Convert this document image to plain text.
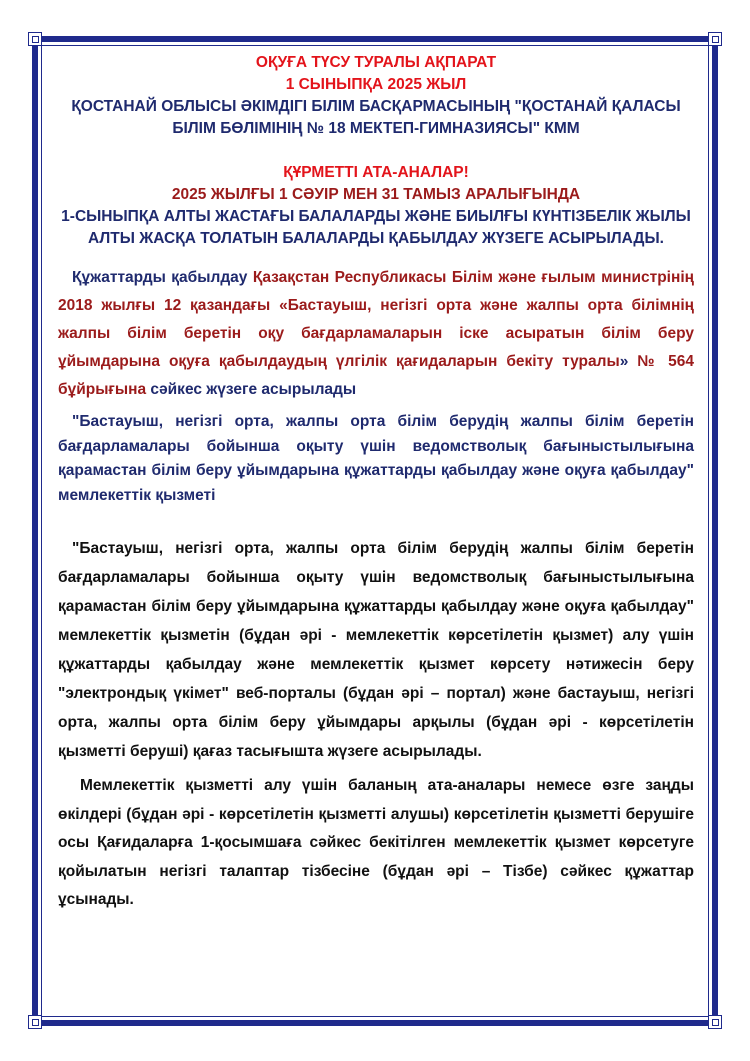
ОҚУҒА ТҮСУ ТУРАЛЫ АҚПАРАТ

1 СЫНЫПҚА 2025 ЖЫЛ

ҚОСТАНАЙ ОБЛЫСЫ ӘКІМДІГІ БІЛІМ БАСҚАРМАСЫНЫҢ "ҚОСТАНАЙ ҚАЛАСЫ БІЛІМ БӨЛІМІНІҢ № 18 МЕКТЕП-ГИМНАЗИЯСЫ" КММ

ҚҰРМЕТТІ АТА-АНАЛАР!

2025 ЖЫЛҒЫ 1 СӘУІР МЕН 31 ТАМЫЗ АРАЛЫҒЫНДА

1-СЫНЫПҚА АЛТЫ ЖАСТАҒЫ БАЛАЛАРДЫ ЖӘНЕ БИЫЛҒЫ КҮНТІЗБЕЛІК ЖЫЛЫ АЛТЫ ЖАСҚА ТОЛАТЫН БАЛАЛАРДЫ ҚАБЫЛДАУ ЖҮЗЕГЕ АСЫРЫЛАДЫ.

Құжаттарды қабылдау Қазақстан Республикасы Білім және ғылым министрінің 2018 жылғы 12 қазандағы «Бастауыш, негізгі орта және жалпы орта білімнің жалпы білім беретін оқу бағдарламаларын іске асыратын білім беру ұйымдарына оқуға қабылдаудың үлгілік қағидаларын бекіту туралы» № 564 бұйрығына сәйкес жүзеге асырылады

"Бастауыш, негізгі орта, жалпы орта білім берудің жалпы білім беретін бағдарламалары бойынша оқыту үшін ведомстволық бағыныстылығына қарамастан білім беру ұйымдарына құжаттарды қабылдау және оқуға қабылдау" мемлекеттік қызметі

"Бастауыш, негізгі орта, жалпы орта білім берудің жалпы білім беретін бағдарламалары бойынша оқыту үшін ведомстволық бағыныстылығына қарамастан білім беру ұйымдарына құжаттарды қабылдау және оқуға қабылдау" мемлекеттік қызметін (бұдан әрі - мемлекеттік көрсетілетін қызмет) алу үшін құжаттарды қабылдау және мемлекеттік қызмет көрсету нәтижесін беру "электрондық үкімет" веб-порталы (бұдан әрі – портал) және бастауыш, негізгі орта, жалпы орта білім беру ұйымдары арқылы (бұдан әрі - көрсетілетін қызметті беруші) қағаз тасығышта жүзеге асырылады.

Мемлекеттік қызметті алу үшін баланың ата-аналары немесе өзге заңды өкілдері (бұдан әрі - көрсетілетін қызметті алушы) көрсетілетін қызметті берушіге осы Қағидаларға 1-қосымшаға сәйкес бекітілген мемлекеттік қызмет көрсетуге қойылатын негізгі талаптар тізбесіне (бұдан әрі – Тізбе) сәйкес құжаттар ұсынады.
